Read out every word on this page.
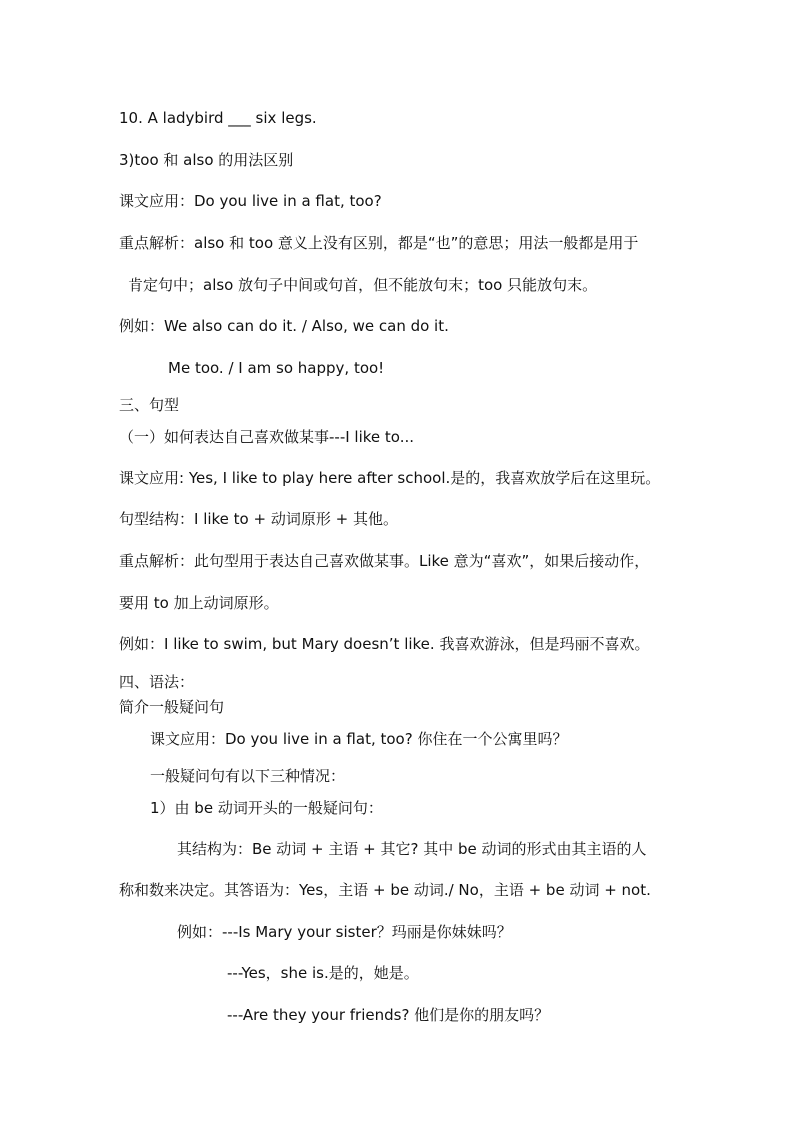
10. A ladybird ___ six legs.
3)too 和 also 的用法区别
课文应用：Do you live in a flat, too?
重点解析：also 和 too 意义上没有区别，都是“也”的意思；用法一般都是用于
肯定句中；also 放句子中间或句首，但不能放句末；too 只能放句末。
例如：We also can do it. / Also, we can do it.
Me too. / I am so happy, too!
三、句型
（一）如何表达自己喜欢做某事---I like to...
课文应用: Yes, I like to play here after school.是的，我喜欢放学后在这里玩。
句型结构：I like to + 动词原形 + 其他。
重点解析：此句型用于表达自己喜欢做某事。Like 意为“喜欢”，如果后接动作，
要用 to 加上动词原形。
例如：I like to swim, but Mary doesn’t like. 我喜欢游泳，但是玛丽不喜欢。
四、语法：
简介一般疑问句
课文应用：Do you live in a flat, too? 你住在一个公寓里吗？
一般疑问句有以下三种情况：
1）由 be 动词开头的一般疑问句：
其结构为：Be 动词 + 主语 + 其它? 其中 be 动词的形式由其主语的人
称和数来决定。其答语为：Yes，主语 + be 动词./ No，主语 + be 动词 + not.
例如：---Is Mary your sister？玛丽是你妹妹吗？
---Yes，she is.是的，她是。
---Are they your friends? 他们是你的朋友吗？
